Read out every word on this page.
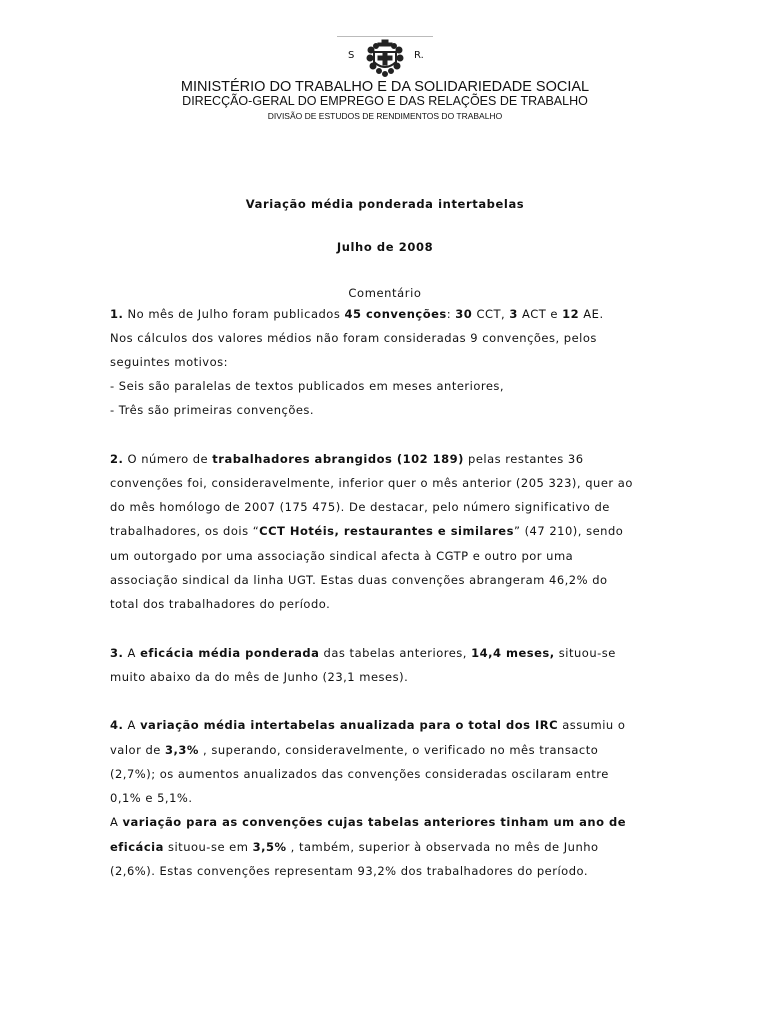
S	R.
MINISTÉRIO DO TRABALHO E DA SOLIDARIEDADE SOCIAL
DIRECÇÃO-GERAL DO EMPREGO E DAS RELAÇÕES DE TRABALHO
DIVISÃO DE ESTUDOS DE RENDIMENTOS DO TRABALHO
Variação média ponderada intertabelas
Julho de 2008
Comentário
1. No mês de Julho foram publicados 45 convenções: 30 CCT, 3 ACT e 12 AE.
Nos cálculos dos valores médios não foram consideradas 9 convenções, pelos
seguintes motivos:
- Seis são paralelas de textos publicados em meses anteriores,
- Três são primeiras convenções.
2. O número de trabalhadores abrangidos (102 189) pelas restantes 36
convenções foi, consideravelmente, inferior quer o mês anterior (205 323), quer ao
do mês homólogo de 2007 (175 475). De destacar, pelo número significativo de
trabalhadores, os dois “CCT Hotéis, restaurantes e similares” (47 210), sendo
um outorgado por uma associação sindical afecta à CGTP e outro por uma
associação sindical da linha UGT. Estas duas convenções abrangeram 46,2% do
total dos trabalhadores do período.
3. A eficácia média ponderada das tabelas anteriores, 14,4 meses, situou-se
muito abaixo da do mês de Junho (23,1 meses).
4. A variação média intertabelas anualizada para o total dos IRC assumiu o
valor de 3,3% , superando, consideravelmente, o verificado no mês transacto
(2,7%); os aumentos anualizados das convenções consideradas oscilaram entre
0,1% e 5,1%.
A variação para as convenções cujas tabelas anteriores tinham um ano de
eficácia situou-se em 3,5% , também, superior à observada no mês de Junho
(2,6%). Estas convenções representam 93,2% dos trabalhadores do período.
